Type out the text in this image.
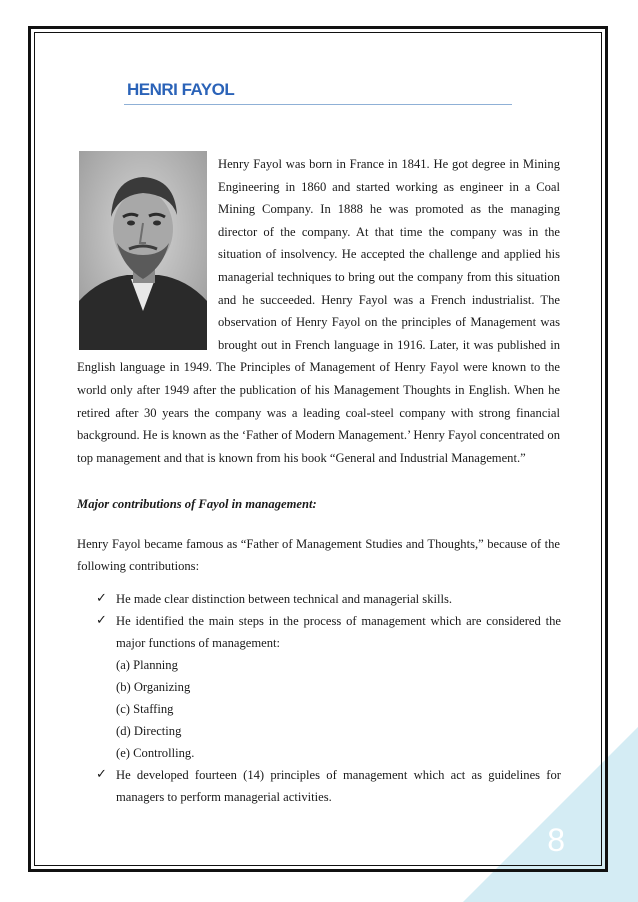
HENRI FAYOL
Henry Fayol was born in France in 1841. He got degree in Mining Engineering in 1860 and started working as engineer in a Coal Mining Company. In 1888 he was promoted as the managing director of the company. At that time the company was in the situation of insolvency. He accepted the challenge and applied his managerial techniques to bring out the company from this situation and he succeeded. Henry Fayol was a French industrialist. The observation of Henry Fayol on the principles of Management was brought out in French language in 1916. Later, it was published in English language in 1949. The Principles of Management of Henry Fayol were known to the world only after 1949 after the publication of his Management Thoughts in English. When he retired after 30 years the company was a leading coal-steel company with strong financial background. He is known as the ‘Father of Modern Management.’ Henry Fayol concentrated on top management and that is known from his book “General and Industrial Management.”

Major contributions of Fayol in management:

Henry Fayol became famous as “Father of Management Studies and Thoughts,” because of the following contributions:

✓ He made clear distinction between technical and managerial skills.
✓ He identified the main steps in the process of management which are considered the major functions of management:
(a) Planning
(b) Organizing
(c) Staffing
(d) Directing
(e) Controlling.
✓ He developed fourteen (14) principles of management which act as guidelines for managers to perform managerial activities.

8
